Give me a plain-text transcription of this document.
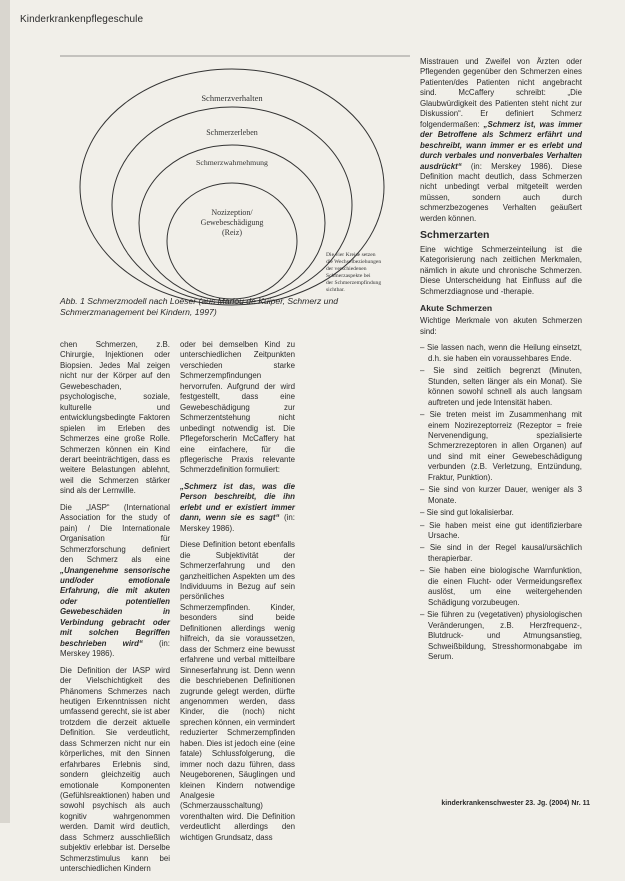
Kinderkrankenpflegeschule
Schmerzverhalten
Schmerzerleben
Schmerzwahrnehmung
Nozizeption/
Gewebeschädigung
(Reiz)
Die vier Kreise setzen
die Wechselbeziehungen
der verschiedenen
Schmerzaspekte bei
der Schmerzempfindung
sichtbar.
Abb. 1 Schmerzmodell nach Loeser (aus Marlou de Kuiper, Schmerz und Schmerzmanagement bei Kindern, 1997)

chen Schmerzen, z.B. Chirurgie, Injektionen oder Biopsien. Jedes Mal zeigen nicht nur der Körper auf den Gewebeschaden, psychologische, soziale, kulturelle und entwicklungsbedingte Faktoren spielen im Erleben des Schmerzes eine große Rolle. Schmerzen können ein Kind derart beeinträchtigen, dass es weitere Belastungen ablehnt, weil die Schmerzen stärker sind als der Lernwille.

Die „IASP“ (International Association for the study of pain) / Die Internationale Organisation für Schmerzforschung definiert den Schmerz als eine „Unangenehme sensorische und/oder emotionale Erfahrung, die mit akuten oder potentiellen Gewebeschäden in Verbindung gebracht oder mit solchen Begriffen beschrieben wird“ (in: Merskey 1986).

Die Definition der IASP wird der Vielschichtigkeit des Phänomens Schmerzes nach heutigen Erkenntnissen nicht umfassend gerecht, sie ist aber trotzdem die derzeit aktuelle Definition. Sie verdeutlicht, dass Schmerzen nicht nur ein körperliches, mit den Sinnen erfahrbares Erlebnis sind, sondern gleichzeitig auch emotionale Komponenten (Gefühlsreaktionen) haben und sowohl psychisch als auch kognitiv wahrgenommen werden. Damit wird deutlich, dass Schmerz ausschließlich subjektiv erlebbar ist. Derselbe Schmerzstimulus kann bei unterschiedlichen Kindern

oder bei demselben Kind zu unterschiedlichen Zeitpunkten verschieden starke Schmerzempfindungen hervorrufen. Aufgrund der wird festgestellt, dass eine Gewebeschädigung zur Schmerzentstehung nicht unbedingt notwendig ist. Die Pflegeforscherin McCaffery hat eine einfachere, für die pflegerische Praxis relevante Schmerzdefinition formuliert:

„Schmerz ist das, was die Person beschreibt, die ihn erlebt und er existiert immer dann, wenn sie es sagt“ (in: Merskey 1986).

Diese Definition betont ebenfalls die Subjektivität der Schmerzerfahrung und den ganzheitlichen Aspekten um des Individuums in Bezug auf sein persönliches Schmerzempfinden. Kinder, besonders sind beide Definitionen allerdings wenig hilfreich, da sie voraussetzen, dass der Schmerz eine bewusst erfahrene und verbal mitteilbare Sinneserfahrung ist. Denn wenn die beschriebenen Definitionen zugrunde gelegt werden, dürfte angenommen werden, dass Kinder, die (noch) nicht sprechen können, ein vermindert reduzierter Schmerzempfinden haben. Dies ist jedoch eine (eine fatale) Schlussfolgerung, die immer noch dazu führen, dass Neugeborenen, Säuglingen und kleinen Kindern notwendige Analgesie (Schmerzausschaltung) vorenthalten wird. Die Definition verdeutlicht allerdings den wichtigen Grundsatz, dass

Misstrauen und Zweifel von Ärzten oder Pflegenden gegenüber den Schmerzen eines Patienten/des Patienten nicht angebracht sind. McCaffery schreibt: „Die Glaubwürdigkeit des Patienten steht nicht zur Diskussion“. Er definiert Schmerz folgendermaßen: „Schmerz ist, was immer der Betroffene als Schmerz erfährt und beschreibt, wann immer er es erlebt und durch verbales und nonverbales Verhalten ausdrückt“ (in: Merskey 1986). Diese Definition macht deutlich, dass Schmerzen nicht unbedingt verbal mitgeteilt werden müssen, sondern auch durch schmerzbezogenes Verhalten geäußert werden können.

Schmerzarten

Eine wichtige Schmerzeinteilung ist die Kategorisierung nach zeitlichen Merkmalen, nämlich in akute und chronische Schmerzen. Diese Unterscheidung hat Einfluss auf die Schmerzdiagnose und -therapie.

Akute Schmerzen

Wichtige Merkmale von akuten Schmerzen sind:

– Sie lassen nach, wenn die Heilung einsetzt, d.h. sie haben ein voraussehbares Ende.
– Sie sind zeitlich begrenzt (Minuten, Stunden, selten länger als ein Monat). Sie können sowohl schnell als auch langsam auftreten und jede Intensität haben.
– Sie treten meist im Zusammenhang mit einem Nozirezeptorreiz (Rezeptor = freie Nervenendigung, spezialisierte Schmerzrezeptoren in allen Organen) auf und sind mit einer Gewebeschädigung verbunden (z.B. Verletzung, Entzündung, Fraktur, Punktion).
– Sie sind von kurzer Dauer, weniger als 3 Monate.
– Sie sind gut lokalisierbar.
– Sie haben meist eine gut identifizierbare Ursache.
– Sie sind in der Regel kausal/ursächlich therapierbar.
– Sie haben eine biologische Warnfunktion, die einen Flucht- oder Vermeidungsreflex auslöst, um eine weitergehenden Schädigung vorzubeugen.
– Sie führen zu (vegetativen) physiologischen Veränderungen, z.B. Herzfrequenz-, Blutdruck- und Atmungsanstieg, Schweißbildung, Stresshormonabgabe im Serum.
kinderkrankenschwester 23. Jg. (2004) Nr. 11
